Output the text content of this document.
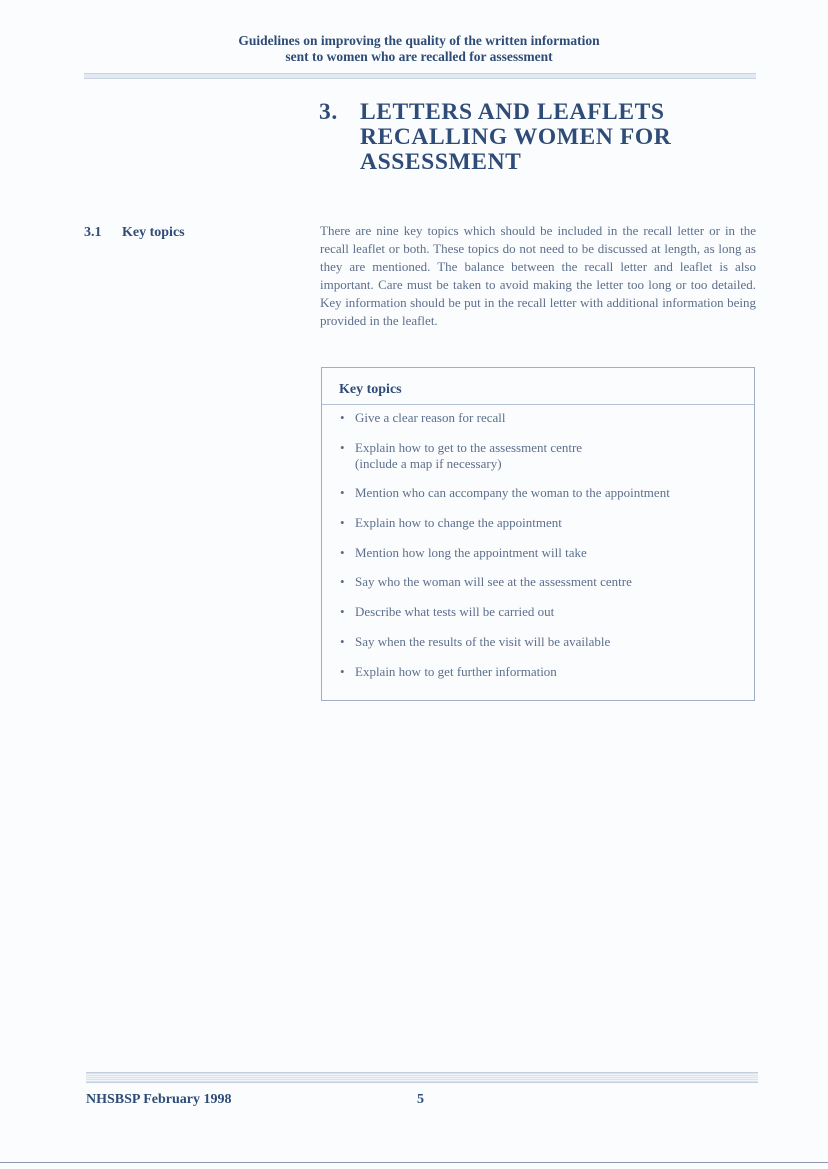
Guidelines on improving the quality of the written information
sent to women who are recalled for assessment
3. LETTERS AND LEAFLETS
RECALLING WOMEN FOR
ASSESSMENT
3.1 Key topics	There are nine key topics which should be included in the recall letter or in the recall leaflet or both. These topics do not need to be discussed at length, as long as they are mentioned. The balance between the recall letter and leaflet is also important. Care must be taken to avoid making the letter too long or too detailed. Key information should be put in the recall letter with additional information being provided in the leaflet.

Key topics
• Give a clear reason for recall
• Explain how to get to the assessment centre
(include a map if necessary)
• Mention who can accompany the woman to the appointment
• Explain how to change the appointment
• Mention how long the appointment will take
• Say who the woman will see at the assessment centre
• Describe what tests will be carried out
• Say when the results of the visit will be available
• Explain how to get further information
NHSBSP February 1998	5
